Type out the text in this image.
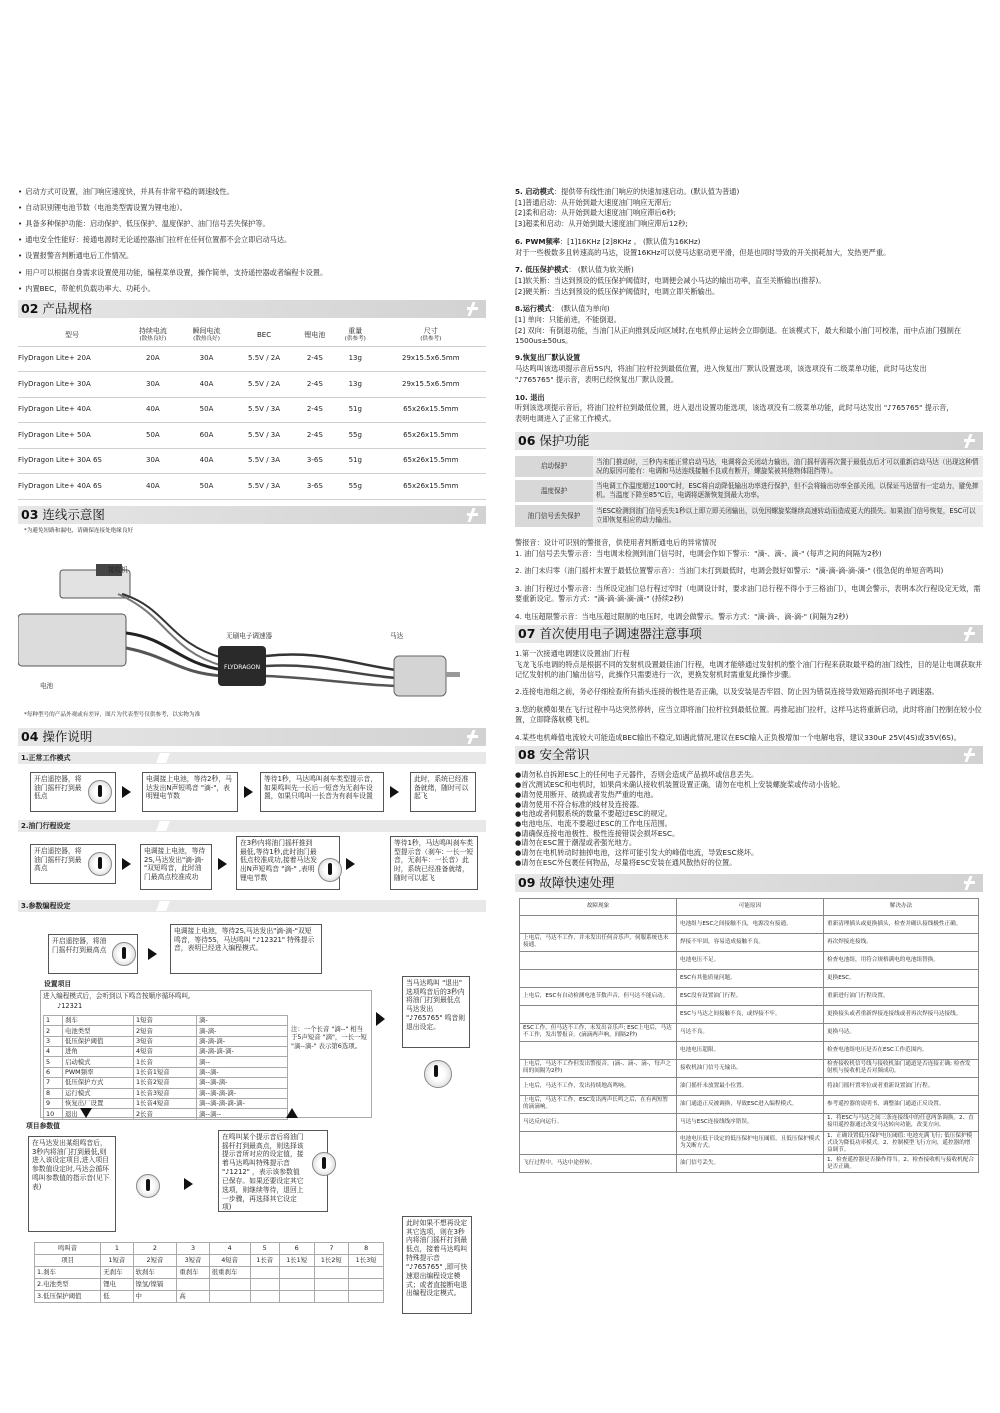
• 启动方式可设置，油门响应速度快，并具有非常平稳的调速线性。
• 自动识别锂电池节数（电池类型需设置为锂电池）。
• 具备多种保护功能：启动保护、低压保护、温度保护、油门信号丢失保护等。
• 通电安全性能好：接通电源时无论遥控器油门拉杆在任何位置都不会立即启动马达。
• 设置报警音判断通电后工作情况。
• 用户可以根据自身需求设置使用功能，编程菜单设置，操作简单，支持遥控器或者编程卡设置。
• 内置BEC，带舵机负载功率大、功耗小。
02 产品规格
型号	持续电流
(散热良好)	瞬间电流
(散热良好)	BEC	锂电池	重量
(供参考)	尺寸
(供参考)

FlyDragon Lite+ 20A	20A	30A	5.5V / 2A	2-4S	13g	29x15.5x6.5mm
FlyDragon Lite+ 30A	30A	40A	5.5V / 2A	2-4S	13g	29x15.5x6.5mm
FlyDragon Lite+ 40A	40A	50A	5.5V / 3A	2-4S	51g	65x26x15.5mm
FlyDragon Lite+ 50A	50A	60A	5.5V / 3A	2-4S	55g	65x26x15.5mm
FlyDragon Lite+ 30A 6S	30A	40A	5.5V / 3A	3-6S	51g	65x26x15.5mm
FlyDragon Lite+ 40A 6S	40A	50A	5.5V / 3A	3-6S	55g	65x26x15.5mm
03 连线示意图
*为避免短路和漏电，请确保连接处绝缘良好
FLYDRAGON
接收机
无刷电子调速器	马达
电池
*每种型号的产品外观或有差异，图片为代表型号仅供参考，以实物为准
04 操作说明
1.正常工作模式
开启遥控器，将油门摇杆打到最低点
电调接上电池，等待2秒，马达发出N声短鸣音 "滴-"，表明锂电节数
等待1秒，马达鸣叫刹车类型提示音，如果鸣叫先一长后一短音为无刹车设置，如果只鸣叫一长音为有刹车设置
此时，系统已经准备就绪，随时可以起飞
2.油门行程设定
开启遥控器，将油门摇杆打到最高点
电调接上电池，等待2S,马达发出"滴-滴-"双短鸣音，此时油门最高点校准成功
在3秒内将油门摇杆推到最低,等待1秒,此时油门最低点校准成功,接着马达发出N声短鸣音 "滴-" ,表明锂电节数
等待1秒，马达鸣叫刹车类型提示音（刹车: 一长一短音，无刹车：一长音）此时，系统已经准备就绪，随时可以起飞
3.参数编程设定
开启遥控器，将油门摇杆打到最高点
电调接上电池，等待2S,马达发出"滴-滴-"双短鸣音，等待5S，马达鸣叫 "♪12321" 特殊提示音，表明已经进入编程模式。
设置项目
进入编程模式后，会听到以下鸣音按顺序循环鸣叫,
♪12321
1	刹车	1短音	滴-
2	电池类型	2短音	滴-滴-
3	低压保护阈值	3短音	滴-滴-滴-
4	进角	4短音	滴-滴-滴-滴-
5	启动模式	1长音	滴--
6	PWM频率	1长音1短音	滴--滴-
7	低压保护方式	1长音2短音	滴--滴-滴-
8	运行模式	1长音3短音	滴--滴-滴-滴-
9	恢复出厂设置	1长音4短音	滴--滴-滴-滴-滴-
10	退出	2长音	滴--滴--
注：一个长音 "滴--" 相当于5声短音 "滴"，一长一短 "滴--滴-" 表示第6选项。
当马达鸣叫 "退出" 选项鸣音后的3秒内将油门打到最低点马达发出 "♪765765" 鸣音则退出设定。
项目参数值
在马达发出某组鸣音后，3秒内将油门打到最低,则进入该设定项目,进入项目参数值设定时,马达会循环鸣叫参数值的指示音(见下表)
在鸣叫某个提示音后将油门摇杆打到最高点，则选择该提示音所对应的设定值，接着马达鸣叫特殊提示音 "♪1212" ，表示该参数值已保存。如果还要设定其它选项，则继续等待，退回上一步骤，再选择其它设定项)
此时如果不想再设定其它选项，则在3秒内将油门摇杆打到最低点，接着马达鸣叫特殊提示音 "♪765765" ,即可快速退出编程设定模式；或者直接断电退出编程设定模式。
鸣叫音	1	2	3	4	5	6	7	8
项目	1短音	2短音	3短音	4短音	1长音	1长1短	1长2短	1长3短
1.刹车	无刹车	软刹车	重刹车	很重刹车				
2.电池类型	锂电	镍氢/镍镉						
3.低压保护阈值	低	中	高					

5. 启动模式：提供带有线性油门响应的快速加速启动。(默认值为普通)

[1]普通启动：从开始到最大速度油门响应无滞后;

[2]柔和启动：从开始到最大速度油门响应滞后6秒;

[3]超柔和启动：从开始到最大速度油门响应滞后12秒;

6. PWM频率：[1]16KHz [2]8KHz 。 (默认值为16KHz)

对于一些极数多且转速高的马达，设置16KHz可以使马达驱动更平滑，但是也同时导致的开关损耗加大，发热更严重。

7. 低压保护模式： (默认值为软关断)

[1]软关断：当达到预设的低压保护阈值时，电调便会减小马达的输出功率，直至关断输出(推荐)。

[2]硬关断：当达到预设的低压保护阈值时，电调立即关断输出。

8.运行模式： (默认值为单向)

[1] 单向：只能前进，不能倒退。

[2] 双向：有倒退功能，当油门从正向推到反向区域时,在电机停止运转会立即倒退。在该模式下，最大和最小油门可校准，而中点油门强制在1500us±50us。

9.恢复出厂默认设置

马达鸣叫该选项提示音后5S内，将油门拉杆拉到最低位置，进入恢复出厂默认设置选项，该选项没有二级菜单功能，此时马达发出

"♪765765" 提示音，表明已经恢复出厂默认设置。

10. 退出

听到该选项提示音后，将油门拉杆拉到最低位置，进入退出设置功能选项，该选项没有二级菜单功能，此时马达发出 "♪765765" 提示音，

表明电调进入了正常工作模式。

06 保护功能
启动保护	当油门推动时，三秒内未能正常启动马达，电调将会关闭动力输出，油门摇杆需再次置于最低点后才可以重新启动马达（出现这种情况的原因可能有：电调和马达连线接触不良或有断开，螺旋桨被其他物体阻挡等）。
温度保护	当电调工作温度超过100℃时，ESC将自动降低输出功率进行保护，但不会将输出功率全部关闭，以保证马达留有一定动力，避免摔机。当温度下降至85℃后，电调将逐渐恢复到最大功率。
油门信号丢失保护	当ESC检测到油门信号丢失1秒以上即立即关闭输出，以免因螺旋桨继续高速转动而造成更大的损失。如果油门信号恢复，ESC可以立即恢复相应的动力输出。

警报音：设计可识别的警报音，供使用者判断通电后的异常情况

1. 油门信号丢失警示音：当电调未检测到油门信号时，电调会作如下警示："滴-、滴-、滴-" (每声之间的间隔为2秒)

2. 油门未归零（油门摇杆未置于最低位置警示音）：当油门未打到最低时，电调会鼓好如警示："滴-滴-滴-滴-滴-" (很急促的单短音鸣叫)

3. 油门行程过小警示音：当所设定油门总行程过窄时（电调设计时，要求油门总行程不得小于三格油门），电调会警示，表明本次行程设定无效，需要重新设定。警示方式："滴-滴-滴-滴-滴-" (持续2秒)

4. 电压超限警示音：当电压超过限制的电压时，电调会做警示。警示方式："滴-滴-、滴-滴-" (间隔为2秒)

07 首次使用电子调速器注意事项

1.第一次接通电调建议设置油门行程

飞龙飞乐电调的特点是根据不同的发射机设置最佳油门行程，电调才能够通过发射机的整个油门行程来获取最平稳的油门线性，目的是让电调获取并记忆发射机的油门输出信号，此操作只需要进行一次，更换发射机时需重复此操作步骤。

2.连接电池组之前，务必仔细检查所有插头连接的极性是否正确，以及安装是否牢固、防止因为错误连接导致短路而损坏电子调速器。

3.您的航模如果在飞行过程中马达突然停转，应当立即将油门拉杆拉到最低位置。再推起油门拉杆，这样马达将重新启动，此时将油门控制在较小位置，立即降落航模飞机。

4.某些电机峰值电流较大可能造成BEC输出不稳定,如遇此情况,建议在ESC输入正负极增加一个电解电容，建议330uF 25V(4S)或35V(6S)。

08 安全常识

●请勿私自拆卸ESC上的任何电子元器件，否则会造成产品损坏或信息丢失。

●首次测试ESC和电机时，如果尚未确认接收机装置设置正确，请勿在电机上安装螺旋桨或传动小齿轮。

●请勿使用断开、破损或者发热严重的电池。

●请勿使用不符合标准的线材及连接器。

●电池或者伺服系统的数量不要超过ESC的规定。

●电池电压、电流不要超过ESC的工作电压范围。

●请确保连接电池极性、极性连接错误会损坏ESC。

●请勿在ESC置于潮湿或者强光地方。

●请勿在电机转动时抽掉电池，这样可能引发大的峰值电流，导致ESC烧坏。

●请勿在ESC外包裹任何物品，尽量将ESC安装在通风散热好的位置。

09 故障快速处理
故障现象	可能原因	解决办法
	电池组与ESC之间接触不良，电源没有接通。	重新清理插头或更换插头，检查并确认接线极性正确。
上电后，马达不工作，并未发出任何音乐声，伺服系统也未接通。	焊接不牢固，容易造成接触不良。	再次焊接连接线。
	电池电压不足。	检查电池组，用符合规格满电的电池组替换。
	ESC有其他质量问题。	更换ESC。
上电后，ESC有自动检测电池节数声音，但马达不能启动。	ESC没有设置油门行程。	重新进行油门行程设置。
	ESC与马达之间接触不良，或焊接不牢。	更换接头或者重新焊接连接线或者再次焊接马达接线。
ESC工作，但马达不工作，未发出音乐声; ESC上电后，马达不工作，发出警报音。(滴滴两声响，间隔2秒)	马达不良。	更换马达。
	电池电压超限。	检查电池组电压是否在ESC工作范围内。
上电后，马达不工作但发出警报音。(滴-、滴-、滴-，每声之间的间隔为2秒)	接收机油门信号无输出。	检查接收机信号线与接收机油门通道是否连接正确; 检查发射机与接收机是否对频成功。
上电后，马达不工作，发出持续地高鸣响。	油门摇杆未放置最小位置。	将油门摇杆置零位或者重新设置油门行程。
上电后，马达不工作，ESC发出两声长鸣之后，在有两短暂的滴滴响。	油门通道正反被调换，导致ESC进入编程模式。	参考遥控器的说明书，调整油门通道正反设置。
马达反向运行。	马达与ESC连接线线序错误。	1、将ESC与马达之间三条连接线中的任意两条调换。2、直接用遥控器通过改变马达转向功能，改变方向。
	电池电压低于设定的低压保护电压阈值，且低压保护模式为关断方式。	1、正确设置低压保护电压阈值; 电池充满飞行; 低压保护模式设为降低功率模式。2、控制模型飞行方向，遥控器的增益调节。
飞行过程中，马达中途停转。	油门信号丢失。	1、检查遥控器是否操作得当。2、检查接收机与接收机配合是否正确。
